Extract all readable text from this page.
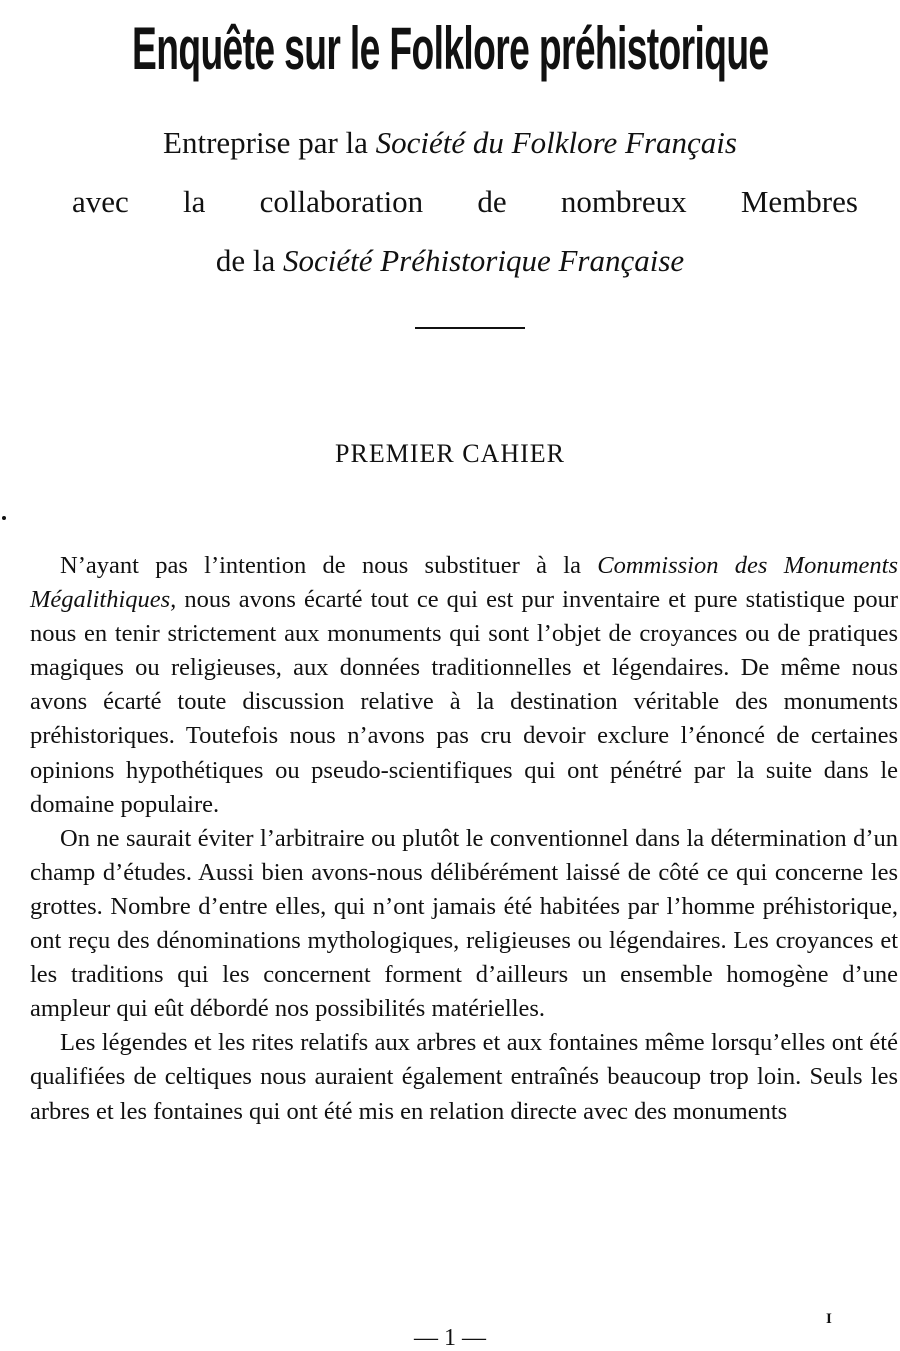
Enquête sur le Folklore préhistorique
Entreprise par la Société du Folklore Français
avec la collaboration de nombreux Membres
de la Société Préhistorique Française
PREMIER CAHIER

N’ayant pas l’intention de nous substituer à la Commission des Monuments Mégalithiques, nous avons écarté tout ce qui est pur inventaire et pure statistique pour nous en tenir strictement aux monuments qui sont l’objet de croyances ou de pratiques magiques ou religieuses, aux données traditionnelles et légendaires. De même nous avons écarté toute discussion relative à la destination véritable des monuments préhistoriques. Toutefois nous n’avons pas cru devoir exclure l’énoncé de certaines opinions hypothétiques ou pseudo-scientifiques qui ont pénétré par la suite dans le domaine populaire.

On ne saurait éviter l’arbitraire ou plutôt le conventionnel dans la détermination d’un champ d’études. Aussi bien avons-nous délibérément laissé de côté ce qui concerne les grottes. Nombre d’entre elles, qui n’ont jamais été habitées par l’homme préhistorique, ont reçu des dénominations mythologiques, religieuses ou légendaires. Les croyances et les traditions qui les concernent forment d’ailleurs un ensemble homogène d’une ampleur qui eût débordé nos possibilités matérielles.

Les légendes et les rites relatifs aux arbres et aux fontaines même lorsqu’elles ont été qualifiées de celtiques nous auraient également entraînés beaucoup trop loin. Seuls les arbres et les fontaines qui ont été mis en relation directe avec des monuments

I
— 1 —
